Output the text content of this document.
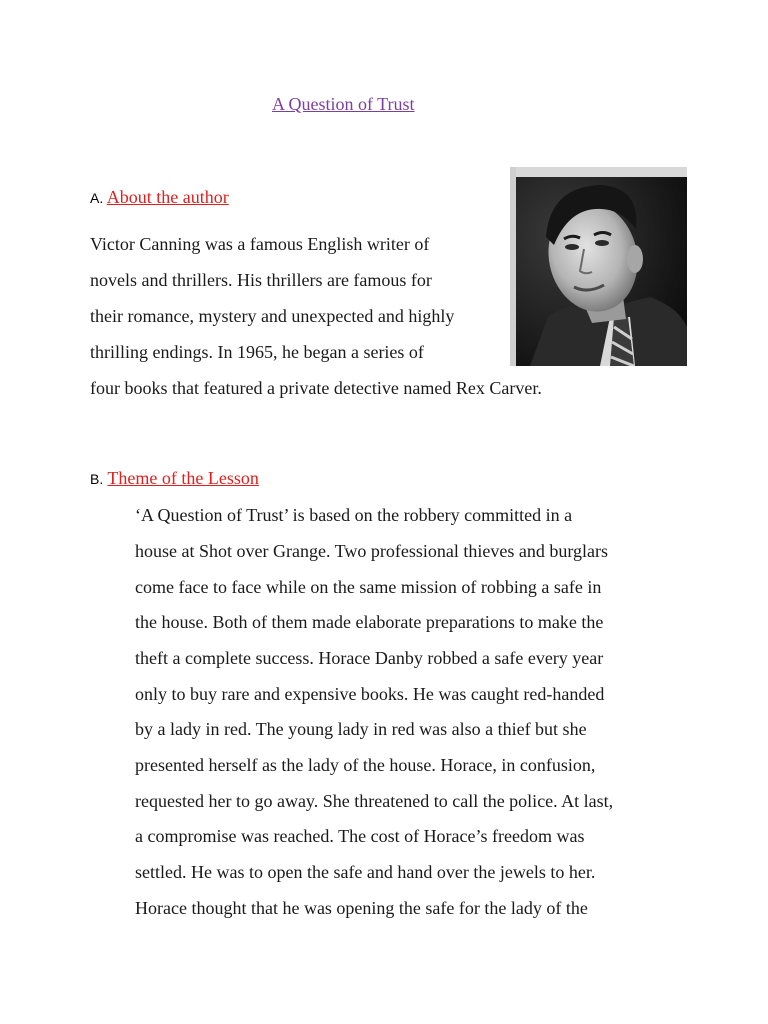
A Question of Trust
A. About the author
Victor Canning was a famous English writer of
novels and thrillers. His thrillers are famous for
their romance, mystery and unexpected and highly
thrilling endings. In 1965, he began a series of
four books that featured a private detective named Rex Carver.
B. Theme of the Lesson
‘A Question of Trust’ is based on the robbery committed in a
house at Shot over Grange. Two professional thieves and burglars
come face to face while on the same mission of robbing a safe in
the house. Both of them made elaborate preparations to make the
theft a complete success. Horace Danby robbed a safe every year
only to buy rare and expensive books. He was caught red-handed
by a lady in red. The young lady in red was also a thief but she
presented herself as the lady of the house. Horace, in confusion,
requested her to go away. She threatened to call the police. At last,
a compromise was reached. The cost of Horace’s freedom was
settled. He was to open the safe and hand over the jewels to her.
Horace thought that he was opening the safe for the lady of the
